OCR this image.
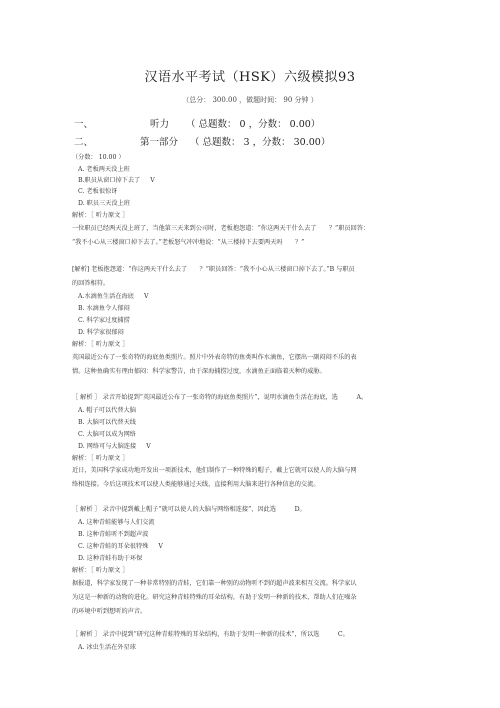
汉语水平考试（HSK）六级模拟93
（总分： 300.00 ，做题时间： 90 分钟 ）
一、	听力 （ 总题数： 0 ，分数： 0.00）
二、	第一部分 （ 总题数： 3 ，分数： 30.00）
（分数： 10.00 ）
A. 老板两天没上班
B.职员从窗口掉下去了 V
C. 老板很惊讶
D. 职员三天没上班
解析：［ 听力原文 ］
一位职员已经两天没上班了，当他第三天来到公司时，老板抱怨道：“你这两天干什么去了　　？”职员回答：
“我不小心从三楼窗口掉下去了。”老板怒气冲冲地说：“从三楼掉下去要两天吗　　？”
[解析] 老板抱怨道：“你这两天干什么去了　　？”职员回答：“我不小心从三楼窗口掉下去了。”B 与职员
的回答相符。
A.水滴鱼生活在海底 V
B. 水滴鱼令人郁闷
C. 科学家过度捕捞
D. 科学家很郁闷
解析：［ 听力原文 ］
英国最近公布了一张奇特的海底鱼类照片。照片中外表奇特的鱼类叫作水滴鱼，它摆出一副闷闷不乐的表
情。这种鱼确实有理由郁闷：科学家警告，由于深海捕捞过度，水滴鱼正面临着灭种的威胁。
［ 解析 ］ 录音开始提到“英国最近公布了一张奇特的海底鱼类照片”，说明水滴鱼生活在海底，选　　　A。
A. 帽子可以代替大脑
B. 大脑可以代替天线
C. 大脑可以成为网络
D. 网络可与大脑连接 V
解析：［ 听力原文 ］
近日，美国科学家成功地开发出一项新技术，他们制作了一种特殊的帽子，戴上它就可以使人的大脑与网
络相连接。今后这项技术可以使人类能够通过天线，直接利用大脑来进行各种信息的交流。
［ 解析 ］ 录音中提到戴上帽子“就可以使人的大脑与网络相连接”，因此选　　　D。
A. 这种青蛙能够与人们交流
B. 这种青蛙听不到超声波
C. 这种青蛙的耳朵很特殊 V
D. 这种青蛙有助于环保
解析：［ 听力原文 ］
据报道，科学家发现了一种非常特别的青蛙，它们靠一种别的动物听不到的超声波来相互交流。科学家认
为这是一种新的动物的进化。研究这种青蛙特殊的耳朵结构，有助于发明一种新的技术，帮助人们在噪杂
的环境中听到想听的声音。
［ 解析 ］ 录音中提到“研究这种青蛙特殊的耳朵结构，有助于发明一种新的技术”，所以选　　　C。
A. 冰虫生活在外星球
